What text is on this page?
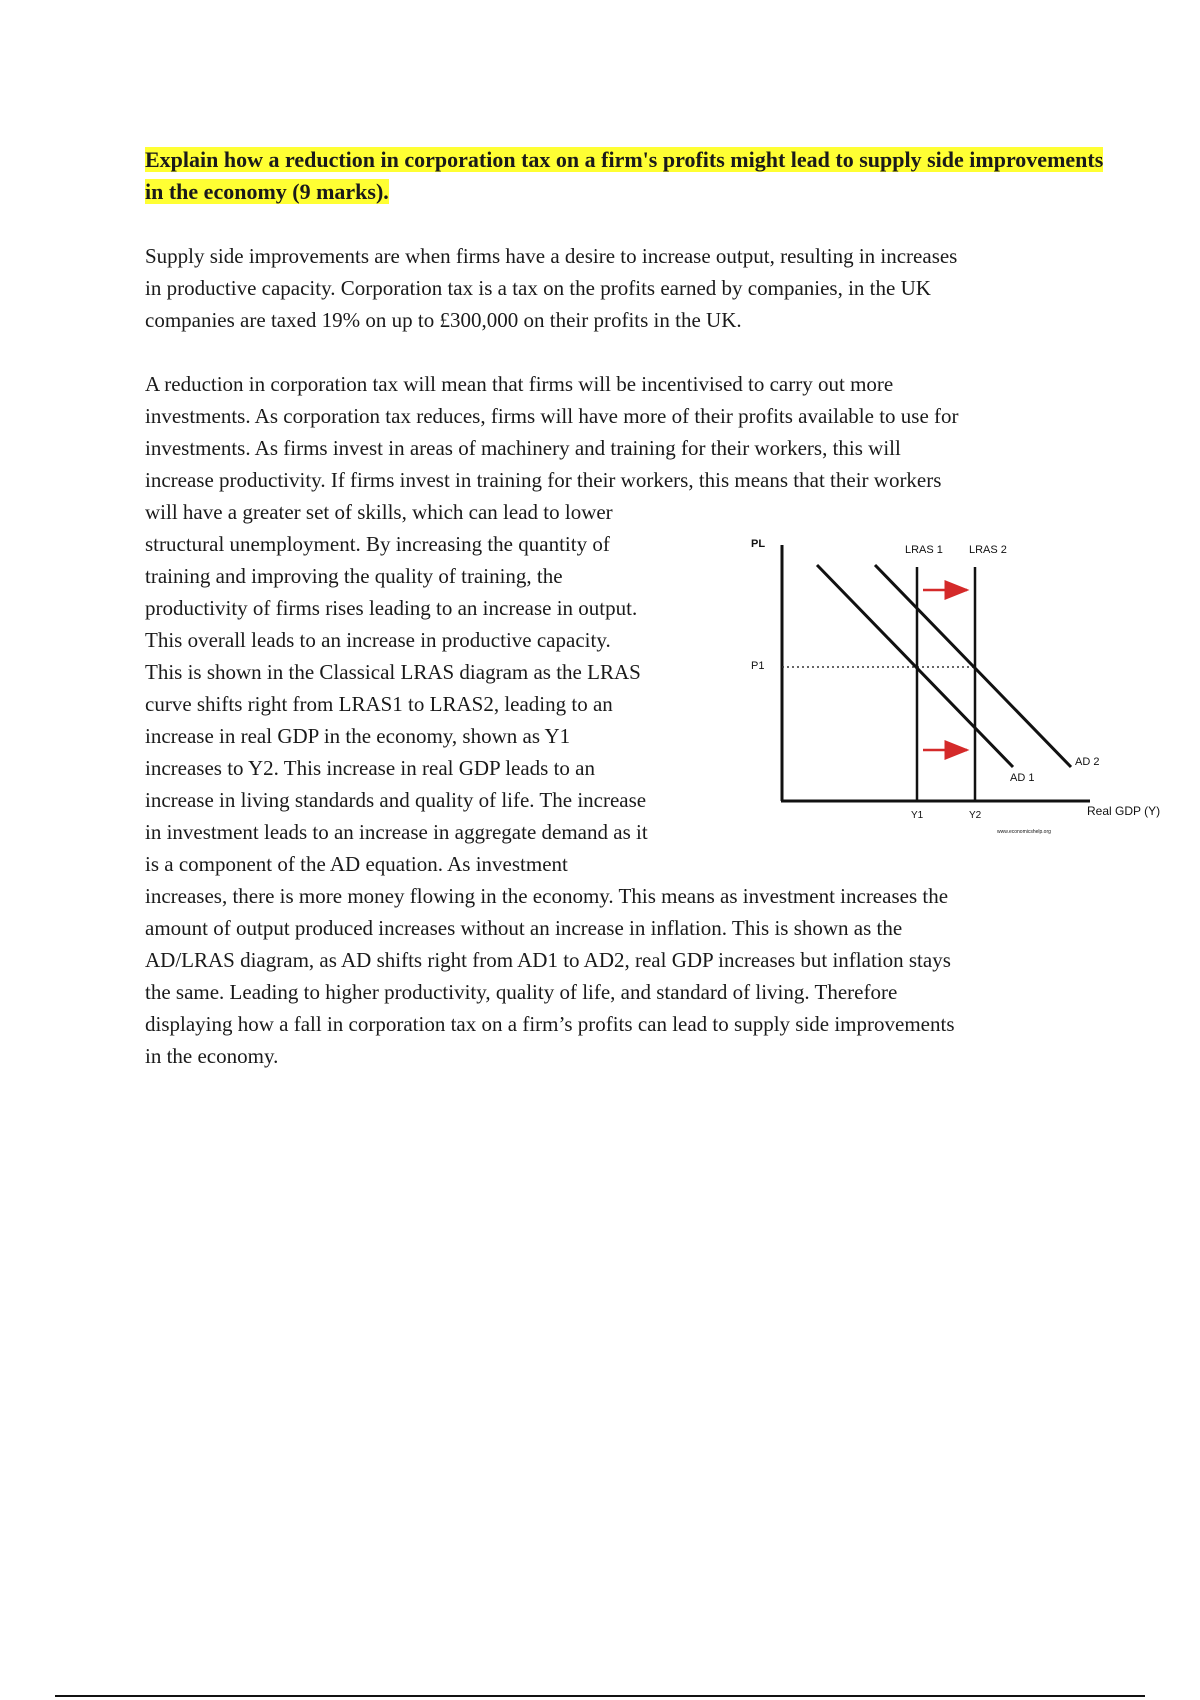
Explain how a reduction in corporation tax on a firm's profits might lead to supply side improvements in the economy (9 marks).

Supply side improvements are when firms have a desire to increase output, resulting in increases
in productive capacity. Corporation tax is a tax on the profits earned by companies, in the UK
companies are taxed 19% on up to £300,000 on their profits in the UK.

A reduction in corporation tax will mean that firms will be incentivised to carry out more
investments. As corporation tax reduces, firms will have more of their profits available to use for
investments. As firms invest in areas of machinery and training for their workers, this will
increase productivity. If firms invest in training for their workers, this means that their workers
will have a greater set of skills, which can lead to lower
structural unemployment. By increasing the quantity of
training and improving the quality of training, the
productivity of firms rises leading to an increase in output.
This overall leads to an increase in productive capacity.
This is shown in the Classical LRAS diagram as the LRAS
curve shifts right from LRAS1 to LRAS2, leading to an
increase in real GDP in the economy, shown as Y1
increases to Y2. This increase in real GDP leads to an
increase in living standards and quality of life. The increase
in investment leads to an increase in aggregate demand as it
is a component of the AD equation. As investment
increases, there is more money flowing in the economy. This means as investment increases the
amount of output produced increases without an increase in inflation. This is shown as the
AD/LRAS diagram, as AD shifts right from AD1 to AD2, real GDP increases but inflation stays
the same. Leading to higher productivity, quality of life, and standard of living. Therefore
displaying how a fall in corporation tax on a firm’s profits can lead to supply side improvements
in the economy.

PL
P1
Real GDP (Y)
LRAS 1 LRAS 2
AD 1
AD 2
Y1	Y2
www.economicshelp.org
